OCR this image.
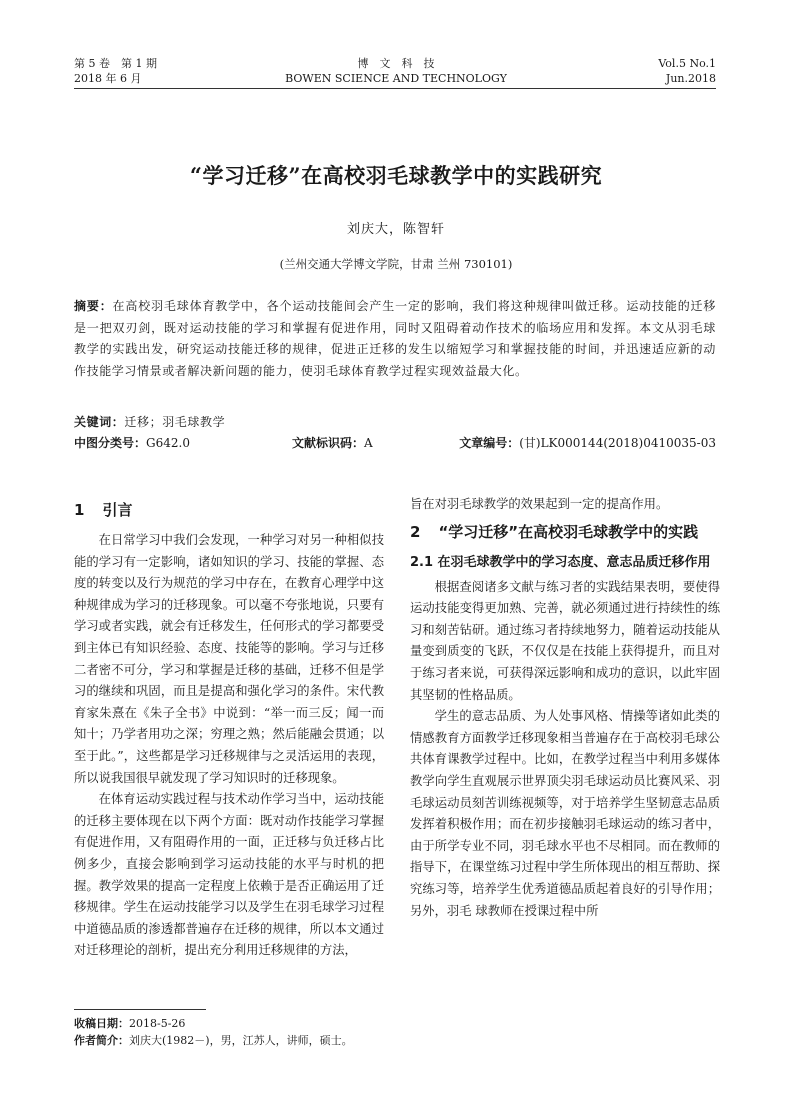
第 5 卷　第 1 期
2018 年 6 月
博　文　科　技
BOWEN SCIENCE AND TECHNOLOGY
Vol.5 No.1
Jun.2018
“学习迁移”在高校羽毛球教学中的实践研究
刘庆大，陈智轩
(兰州交通大学博文学院，甘肃 兰州 730101)
摘要：在高校羽毛球体育教学中，各个运动技能间会产生一定的影响，我们将这种规律叫做迁移。运动技能的迁移是一把双刃剑，既对运动技能的学习和掌握有促进作用，同时又阻碍着动作技术的临场应用和发挥。本文从羽毛球教学的实践出发，研究运动技能迁移的规律，促进正迁移的发生以缩短学习和掌握技能的时间，并迅速适应新的动作技能学习情景或者解决新问题的能力，使羽毛球体育教学过程实现效益最大化。
关键词：迁移；羽毛球教学
中图分类号：G642.0	文献标识码：A	文章编号：(甘)LK000144(2018)0410035-03
1 引言

在日常学习中我们会发现，一种学习对另一种相似技能的学习有一定影响，诸如知识的学习、技能的掌握、态度的转变以及行为规范的学习中存在，在教育心理学中这种规律成为学习的迁移现象。可以毫不夸张地说，只要有学习或者实践，就会有迁移发生，任何形式的学习都要受到主体已有知识经验、态度、技能等的影响。学习与迁移二者密不可分，学习和掌握是迁移的基础，迁移不但是学习的继续和巩固，而且是提高和强化学习的条件。宋代教育家朱熹在《朱子全书》中说到：“举一而三反；闻一而知十；乃学者用功之深；穷理之熟；然后能融会贯通；以至于此。”，这些都是学习迁移规律与之灵活运用的表现，所以说我国很早就发现了学习知识时的迁移现象。

在体育运动实践过程与技术动作学习当中，运动技能的迁移主要体现在以下两个方面：既对动作技能学习掌握有促进作用，又有阻碍作用的一面，正迁移与负迁移占比例多少，直接会影响到学习运动技能的水平与时机的把握。教学效果的提高一定程度上依赖于是否正确运用了迁移规律。学生在运动技能学习以及学生在羽毛球学习过程中道德品质的渗透都普遍存在迁移的规律，所以本文通过对迁移理论的剖析，提出充分利用迁移规律的方法，

旨在对羽毛球教学的效果起到一定的提高作用。

2 “学习迁移”在高校羽毛球教学中的实践
2.1 在羽毛球教学中的学习态度、意志品质迁移作用

根据查阅诸多文献与练习者的实践结果表明，要使得运动技能变得更加熟、完善，就必须通过进行持续性的练习和刻苦钻研。通过练习者持续地努力，随着运动技能从量变到质变的飞跃，不仅仅是在技能上获得提升，而且对于练习者来说，可获得深远影响和成功的意识，以此牢固其坚韧的性格品质。

学生的意志品质、为人处事风格、情操等诸如此类的情感教育方面教学迁移现象相当普遍存在于高校羽毛球公共体育课教学过程中。比如，在教学过程当中利用多媒体教学向学生直观展示世界顶尖羽毛球运动员比赛风采、羽毛球运动员刻苦训练视频等，对于培养学生坚韧意志品质发挥着积极作用；而在初步接触羽毛球运动的练习者中，由于所学专业不同，羽毛球水平也不尽相同。而在教师的指导下，在课堂练习过程中学生所体现出的相互帮助、探究练习等，培养学生优秀道德品质起着良好的引导作用；另外，羽毛 球教师在授课过程中所

收稿日期：2018-5-26
作者简介：刘庆大(1982－)，男，江苏人，讲师，硕士。
